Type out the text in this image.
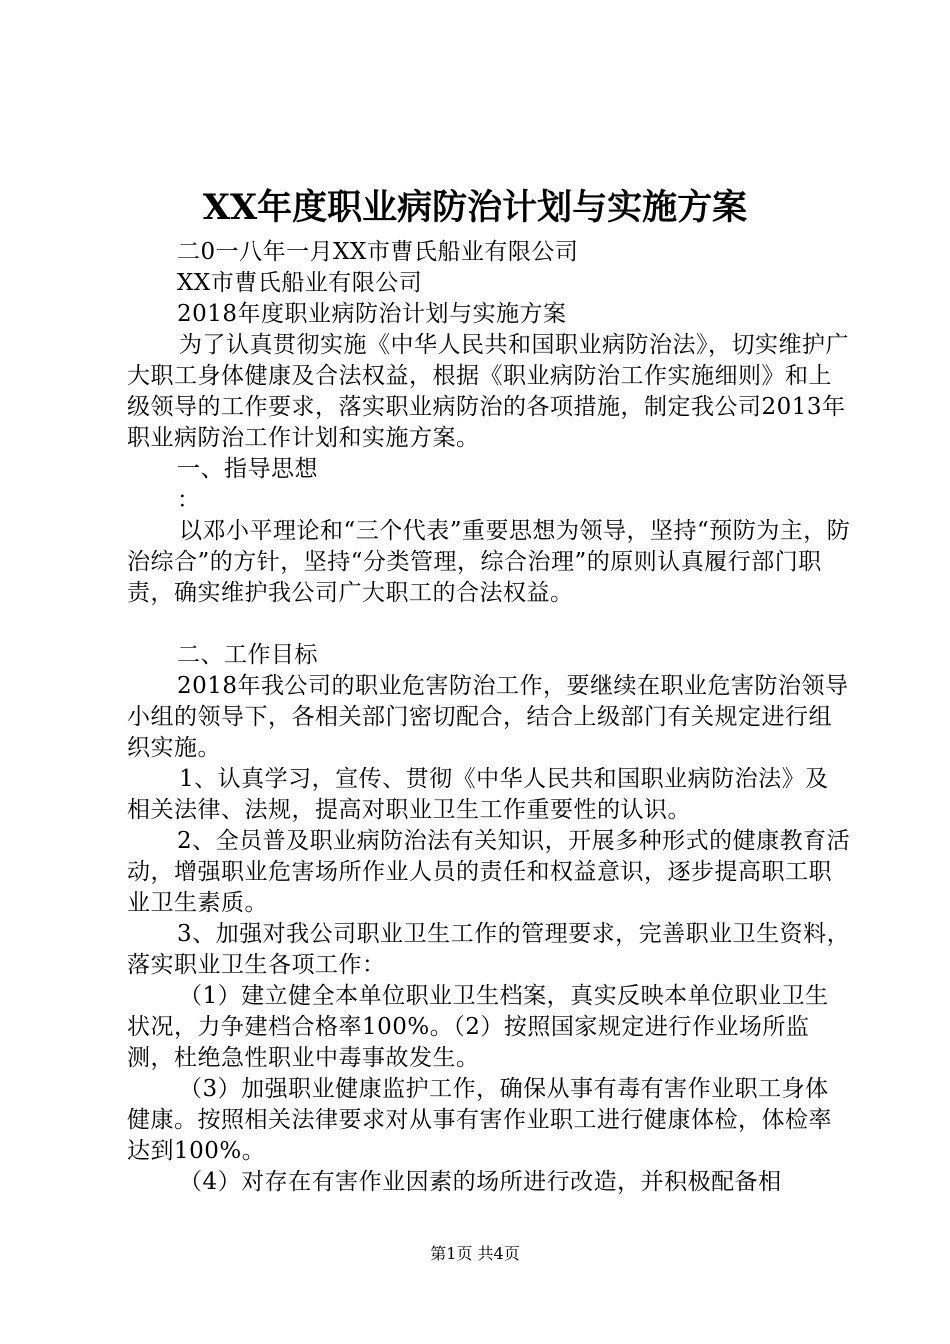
XX年度职业病防治计划与实施方案

二0一八年一月XX市曹氏船业有限公司

XX市曹氏船业有限公司

2018年度职业病防治计划与实施方案

为了认真贯彻实施《中华人民共和国职业病防治法》，切实维护广大职工身体健康及合法权益，根据《职业病防治工作实施细则》和上级领导的工作要求，落实职业病防治的各项措施，制定我公司2013年职业病防治工作计划和实施方案。

一、指导思想

：

以邓小平理论和“三个代表”重要思想为领导，坚持“预防为主，防治综合”的方针，坚持“分类管理，综合治理”的原则认真履行部门职责，确实维护我公司广大职工的合法权益。

二、工作目标

2018年我公司的职业危害防治工作，要继续在职业危害防治领导小组的领导下，各相关部门密切配合，结合上级部门有关规定进行组织实施。

1、认真学习，宣传、贯彻《中华人民共和国职业病防治法》及相关法律、法规，提高对职业卫生工作重要性的认识。

2、全员普及职业病防治法有关知识，开展多种形式的健康教育活动，增强职业危害场所作业人员的责任和权益意识，逐步提高职工职业卫生素质。

3、加强对我公司职业卫生工作的管理要求，完善职业卫生资料，落实职业卫生各项工作：

（1）建立健全本单位职业卫生档案，真实反映本单位职业卫生状况，力争建档合格率100%。（2）按照国家规定进行作业场所监测，杜绝急性职业中毒事故发生。

（3）加强职业健康监护工作，确保从事有毒有害作业职工身体健康。按照相关法律要求对从事有害作业职工进行健康体检，体检率达到100%。

（4）对存在有害作业因素的场所进行改造，并积极配备相

第1页 共4页
